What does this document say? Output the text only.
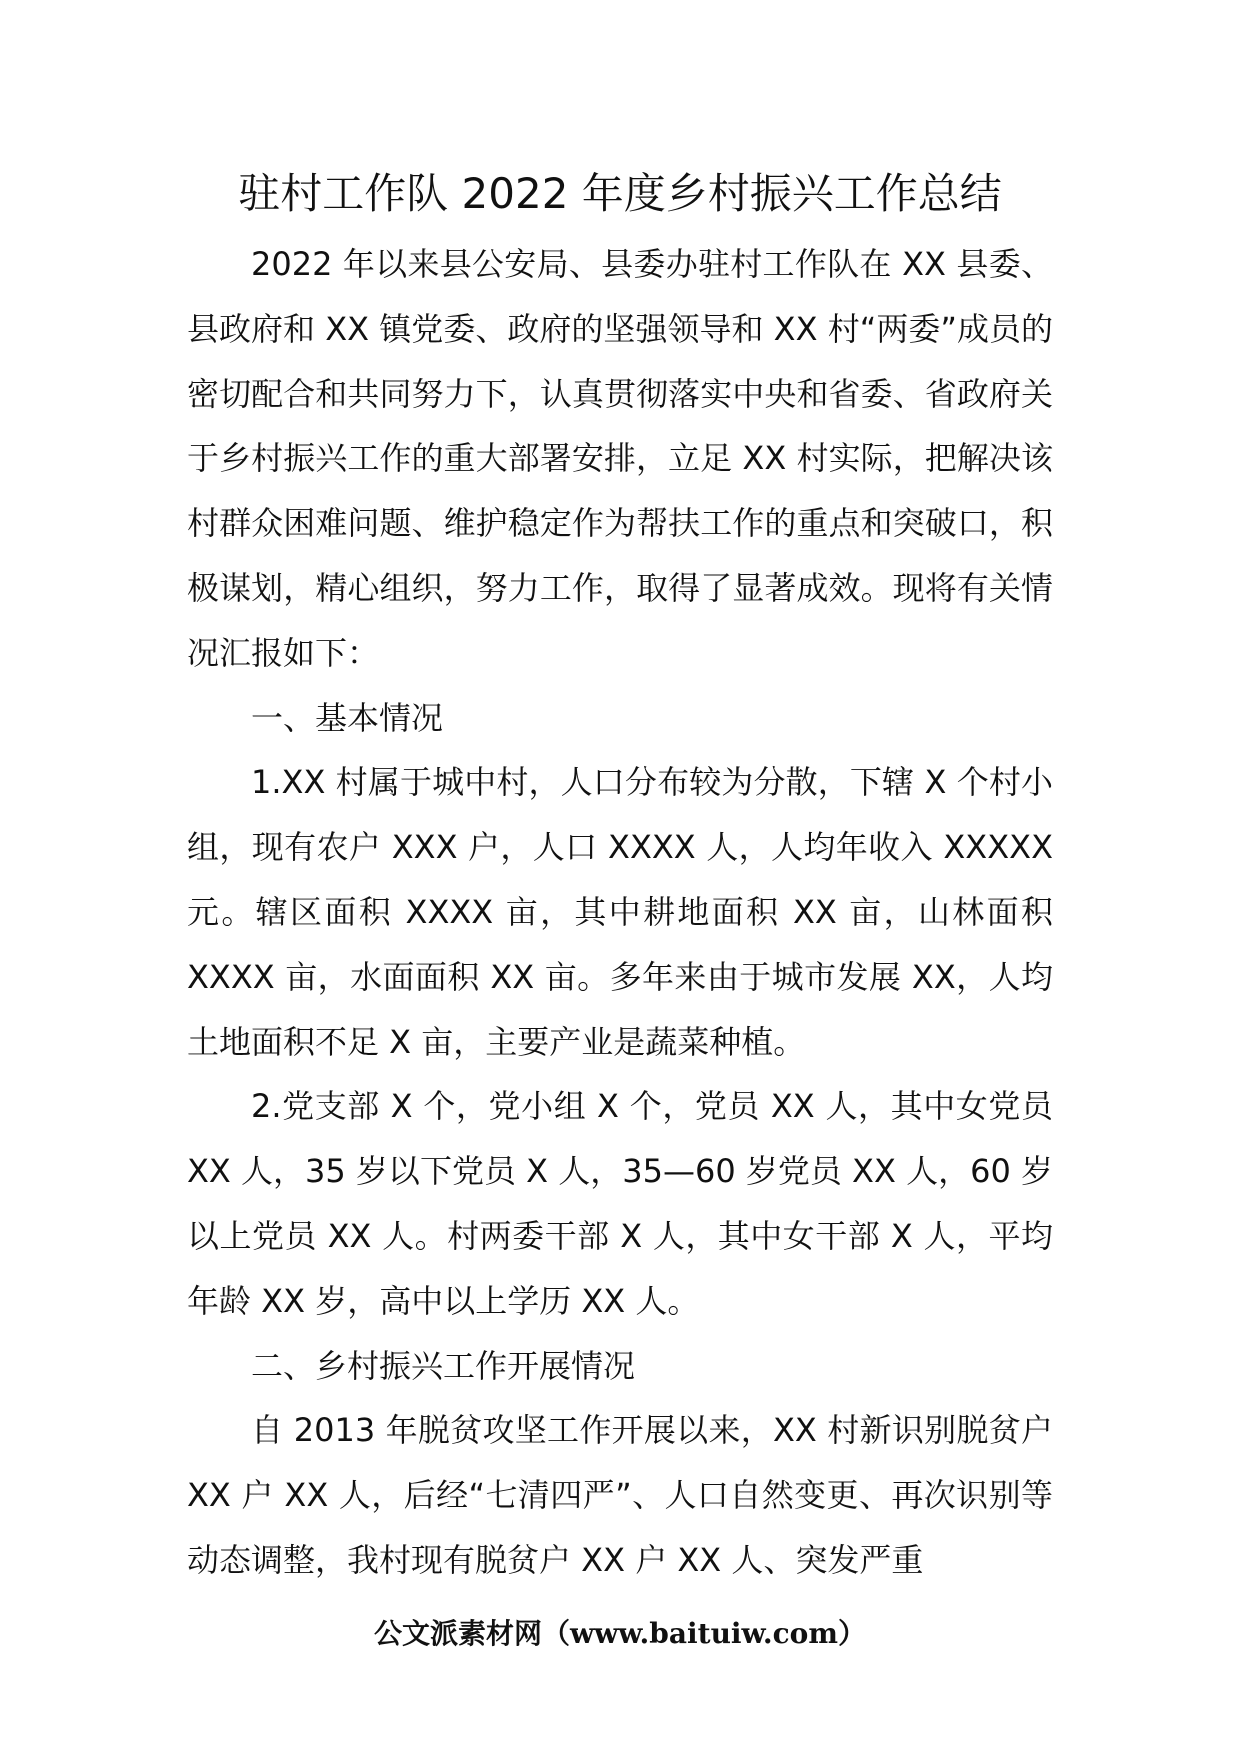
驻村工作队 2022 年度乡村振兴工作总结

2022 年以来县公安局、县委办驻村工作队在 XX 县委、县政府和 XX 镇党委、政府的坚强领导和 XX 村“两委”成员的密切配合和共同努力下，认真贯彻落实中央和省委、省政府关于乡村振兴工作的重大部署安排，立足 XX 村实际，把解决该村群众困难问题、维护稳定作为帮扶工作的重点和突破口，积极谋划，精心组织，努力工作，取得了显著成效。现将有关情况汇报如下：

一、基本情况

1.XX 村属于城中村，人口分布较为分散，下辖 X 个村小组，现有农户 XXX 户，人口 XXXX 人，人均年收入 XXXXX 元。辖区面积 XXXX 亩，其中耕地面积 XX 亩，山林面积 XXXX 亩，水面面积 XX 亩。多年来由于城市发展 XX，人均土地面积不足 X 亩，主要产业是蔬菜种植。

2.党支部 X 个，党小组 X 个，党员 XX 人，其中女党员 XX 人，35 岁以下党员 X 人，35—60 岁党员 XX 人，60 岁以上党员 XX 人。村两委干部 X 人，其中女干部 X 人，平均年龄 XX 岁，高中以上学历 XX 人。

二、乡村振兴工作开展情况

自 2013 年脱贫攻坚工作开展以来，XX 村新识别脱贫户 XX 户 XX 人，后经“七清四严”、人口自然变更、再次识别等动态调整，我村现有脱贫户 XX 户 XX 人、突发严重

公文派素材网（www.baituiw.com）
